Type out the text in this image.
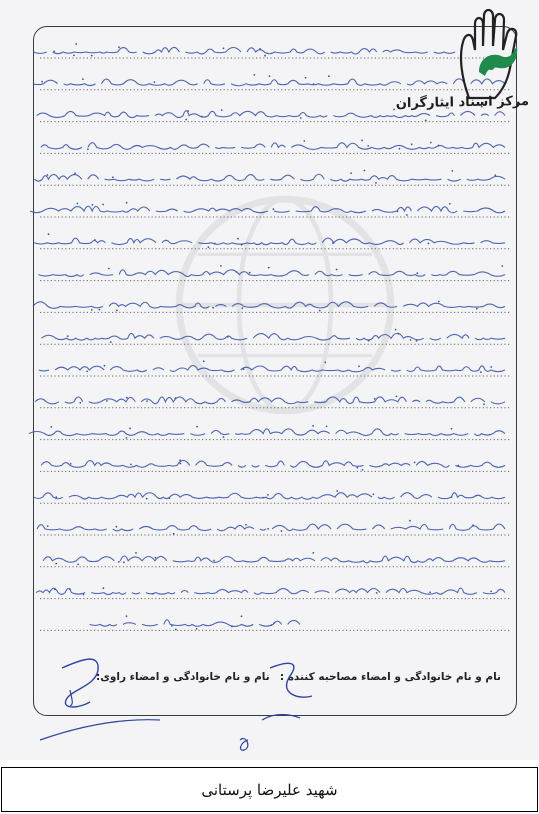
مرکز اسناد ایثارگران
نام و نام خانوادگی و امضاء مصاحبه کننده :
نام و نام خانوادگی و امضاء راوی:
شهید علیرضا پرستانی
